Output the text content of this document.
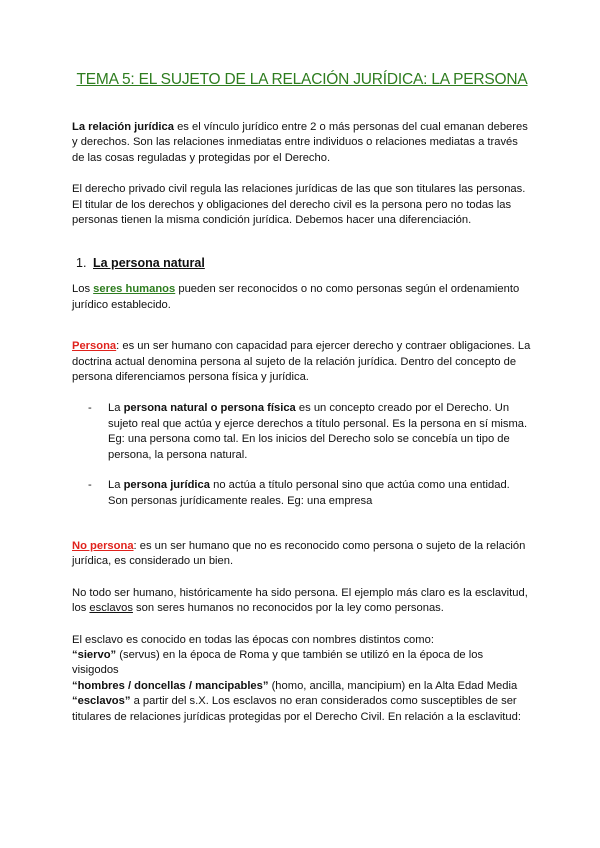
TEMA 5: EL SUJETO DE LA RELACIÓN JURÍDICA: LA PERSONA

La relación jurídica es el vínculo jurídico entre 2 o más personas del cual emanan deberes y derechos. Son las relaciones inmediatas entre individuos o relaciones mediatas a través de las cosas reguladas y protegidas por el Derecho.

El derecho privado civil regula las relaciones jurídicas de las que son titulares las personas. El titular de los derechos y obligaciones del derecho civil es la persona pero no todas las personas tienen la misma condición jurídica. Debemos hacer una diferenciación.

1. La persona natural

Los seres humanos pueden ser reconocidos o no como personas según el ordenamiento jurídico establecido.

Persona: es un ser humano con capacidad para ejercer derecho y contraer obligaciones. La doctrina actual denomina persona al sujeto de la relación jurídica. Dentro del concepto de persona diferenciamos persona física y jurídica.

- La persona natural o persona física es un concepto creado por el Derecho. Un sujeto real que actúa y ejerce derechos a título personal. Es la persona en sí misma. Eg: una persona como tal. En los inicios del Derecho solo se concebía un tipo de persona, la persona natural.
- La persona jurídica no actúa a título personal sino que actúa como una entidad. Son personas jurídicamente reales. Eg: una empresa

No persona: es un ser humano que no es reconocido como persona o sujeto de la relación jurídica, es considerado un bien.

No todo ser humano, históricamente ha sido persona. El ejemplo más claro es la esclavitud, los esclavos son seres humanos no reconocidos por la ley como personas.

El esclavo es conocido en todas las épocas con nombres distintos como:
“siervo” (servus) en la época de Roma y que también se utilizó en la época de los visigodos
“hombres / doncellas / mancipables” (homo, ancilla, mancipium) en la Alta Edad Media
“esclavos” a partir del s.X. Los esclavos no eran considerados como susceptibles de ser titulares de relaciones jurídicas protegidas por el Derecho Civil. En relación a la esclavitud:
